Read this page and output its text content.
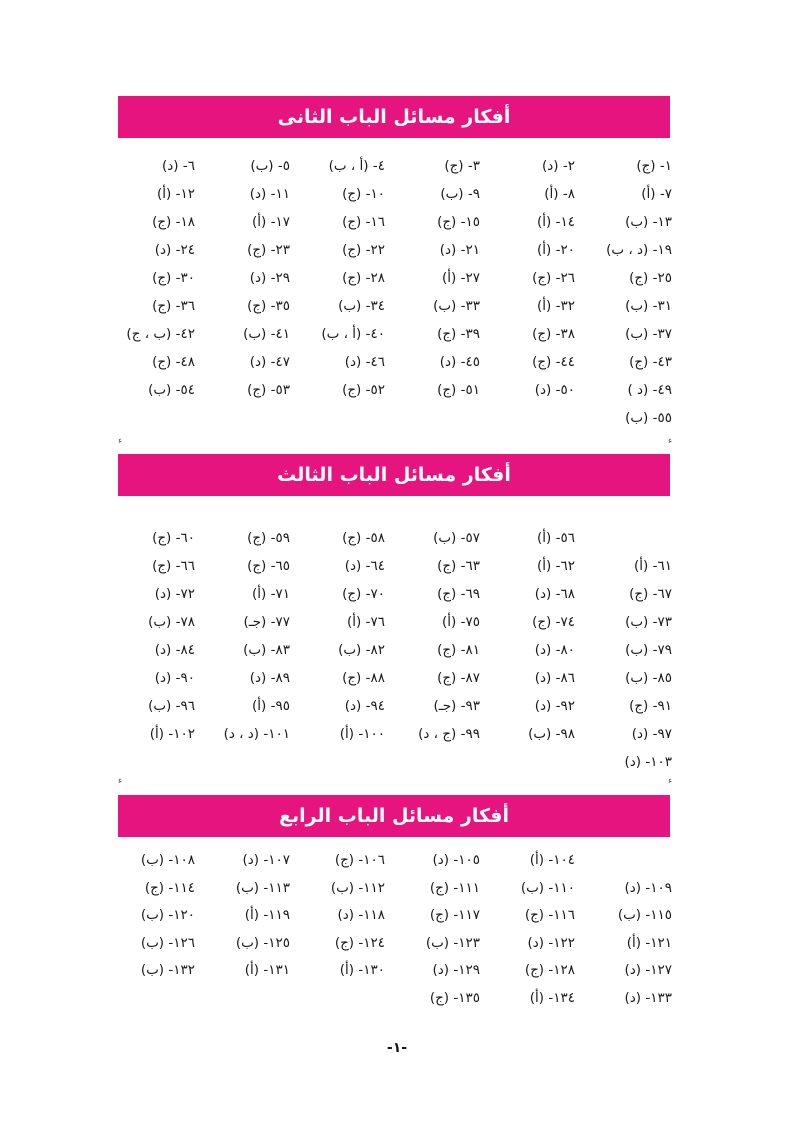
أفكار مسائل الباب الثانى
أفكار مسائل الباب الثالث
أفكار مسائل الباب الرابع
١- (ج)
٢- (د)
٣- (ج)
٤- (أ ، ب)
٥- (ب)
٦- (د)
٧- (أ)
٨- (أ)
٩- (ب)
١٠- (ج)
١١- (د)
١٢- (أ)
١٣- (ب)
١٤- (أ)
١٥- (ج)
١٦- (ج)
١٧- (أ)
١٨- (ج)
١٩- (د ، ب)
٢٠- (أ)
٢١- (د)
٢٢- (ج)
٢٣- (ج)
٢٤- (د)
٢٥- (ج)
٢٦- (ج)
٢٧- (أ)
٢٨- (ج)
٢٩- (د)
٣٠- (ج)
٣١- (ب)
٣٢- (أ)
٣٣- (ب)
٣٤- (ب)
٣٥- (ج)
٣٦- (ج)
٣٧- (ب)
٣٨- (ج)
٣٩- (ج)
٤٠- (أ ، ب)
٤١- (ب)
٤٢- (ب ، ج)
٤٣- (ج)
٤٤- (ج)
٤٥- (د)
٤٦- (د)
٤٧- (د)
٤٨- (ج)
٤٩- (د )
٥٠- (د)
٥١- (ج)
٥٢- (ج)
٥٣- (ج)
٥٤- (ب)
٥٥- (ب)
٥٦- (أ)
٥٧- (ب)
٥٨- (ج)
٥٩- (ج)
٦٠- (ج)
٦١- (أ)
٦٢- (أ)
٦٣- (ج)
٦٤- (د)
٦٥- (ج)
٦٦- (ج)
٦٧- (ج)
٦٨- (د)
٦٩- (ج)
٧٠- (ج)
٧١- (أ)
٧٢- (د)
٧٣- (ب)
٧٤- (ج)
٧٥- (أ)
٧٦- (أ)
٧٧- (جـ)
٧٨- (ب)
٧٩- (ب)
٨٠- (د)
٨١- (ج)
٨٢- (ب)
٨٣- (ب)
٨٤- (د)
٨٥- (ب)
٨٦- (د)
٨٧- (ج)
٨٨- (ج)
٨٩- (د)
٩٠- (د)
٩١- (ج)
٩٢- (د)
٩٣- (جـ)
٩٤- (د)
٩٥- (أ)
٩٦- (ب)
٩٧- (د)
٩٨- (ب)
٩٩- (ج ، د)
١٠٠- (أ)
١٠١- (د ، د)
١٠٢- (أ)
١٠٣- (د)
١٠٤- (أ)
١٠٥- (د)
١٠٦- (ج)
١٠٧- (د)
١٠٨- (ب)
١٠٩- (د)
١١٠- (ب)
١١١- (ج)
١١٢- (ب)
١١٣- (ب)
١١٤- (ج)
١١٥- (ب)
١١٦- (ج)
١١٧- (ج)
١١٨- (د)
١١٩- (أ)
١٢٠- (ب)
١٢١- (أ)
١٢٢- (د)
١٢٣- (ب)
١٢٤- (ج)
١٢٥- (ب)
١٢٦- (ب)
١٢٧- (د)
١٢٨- (ج)
١٢٩- (د)
١٣٠- (أ)
١٣١- (أ)
١٣٢- (ب)
١٣٣- (د)
١٣٤- (أ)
١٣٥- (ج)
ء
ء
ء
ء
-١-
